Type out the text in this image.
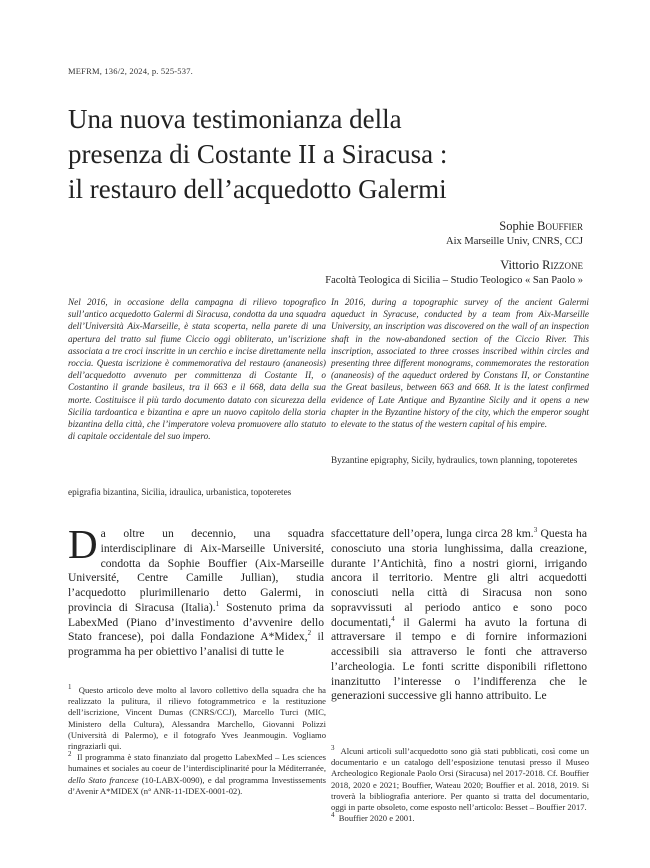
MEFRM, 136/2, 2024, p. 525-537.
Una nuova testimonianza della
presenza di Costante II a Siracusa :
il restauro dell’acquedotto Galermi
Sophie Bouffier
Aix Marseille Univ, CNRS, CCJ
Vittorio Rizzone
Facoltà Teologica di Sicilia – Studio Teologico « San Paolo »
Nel 2016, in occasione della campagna di rilievo topografico sull’antico acquedotto Galermi di Siracusa, condotta da una squadra dell’Università Aix-Marseille, è stata scoperta, nella parete di una apertura del tratto sul fiume Ciccio oggi obliterato, un’iscrizione associata a tre croci inscritte in un cerchio e incise direttamente nella roccia. Questa iscrizione è commemorativa del restauro (ananeosis) dell’acquedotto avvenuto per committenza di Costante II, o Costantino il grande basileus, tra il 663 e il 668, data della sua morte. Costituisce il più tardo documento datato con sicurezza della Sicilia tardoantica e bizantina e apre un nuovo capitolo della storia bizantina della città, che l’imperatore voleva promuovere allo statuto di capitale occidentale del suo impero.
epigrafia bizantina, Sicilia, idraulica, urbanistica, topoteretes
In 2016, during a topographic survey of the ancient Galermi aqueduct in Syracuse, conducted by a team from Aix-Marseille University, an inscription was discovered on the wall of an inspection shaft in the now-abandoned section of the Ciccio River. This inscription, associated to three crosses inscribed within circles and presenting three different monograms, commemorates the restoration (ananeosis) of the aqueduct ordered by Constans II, or Constantine the Great basileus, between 663 and 668. It is the latest confirmed evidence of Late Antique and Byzantine Sicily and it opens a new chapter in the Byzantine history of the city, which the emperor sought to elevate to the status of the western capital of his empire.
Byzantine epigraphy, Sicily, hydraulics, town planning, topoteretes
Da oltre un decennio, una squadra interdisciplinare di Aix-Marseille Université, condotta da Sophie Bouffier (Aix-Marseille Université, Centre Camille Jullian), studia l’acquedotto plurimillenario detto Galermi, in provincia di Siracusa (Italia).$^1$ Sostenuto prima da LabexMed (Piano d’investimento d’avvenire dello Stato francese), poi dalla Fondazione A*Midex,$^2$ il programma ha per obiettivo l’analisi di tutte le
sfaccettature dell’opera, lunga circa 28 km.$^3$ Questa ha conosciuto una storia lunghissima, dalla creazione, durante l’Antichità, fino a nostri giorni, irrigando ancora il territorio. Mentre gli altri acquedotti conosciuti nella città di Siracusa non sono sopravvissuti al periodo antico e sono poco documentati,$^4$ il Galermi ha avuto la fortuna di attraversare il tempo e di fornire informazioni accessibili sia attraverso le fonti che attraverso l’archeologia. Le fonti scritte disponibili riflettono inanzitutto l’interesse o l’indifferenza che le generazioni successive gli hanno attribuito. Le

$^1$ Questo articolo deve molto al lavoro collettivo della squadra che ha realizzato la pulitura, il rilievo fotogrammetrico e la restituzione dell’iscrizione, Vincent Dumas (CNRS/CCJ), Marcello Turci (MIC, Ministero della Cultura), Alessandra Marchello, Giovanni Polizzi (Università di Palermo), e il fotografo Yves Jeanmougin. Vogliamo ringraziarli qui.

$^2$ Il programma è stato finanziato dal progetto LabexMed – Les sciences humaines et sociales au coeur de l’interdisciplinarité pour la Méditerranée, dello Stato francese (10-LABX-0090), e dal programma Investissements d’Avenir A*MIDEX (n° ANR-11-IDEX-0001-02).

$^3$ Alcuni articoli sull’acquedotto sono già stati pubblicati, così come un documentario e un catalogo dell’esposizione tenutasi presso il Museo Archeologico Regionale Paolo Orsi (Siracusa) nel 2017-2018. Cf. Bouffier 2018, 2020 e 2021; Bouffier, Wateau 2020; Bouffier et al. 2018, 2019. Si troverà la bibliografia anteriore. Per quanto si tratta del documentario, oggi in parte obsoleto, come esposto nell’articolo: Besset – Bouffier 2017.

$^4$ Bouffier 2020 e 2001.
